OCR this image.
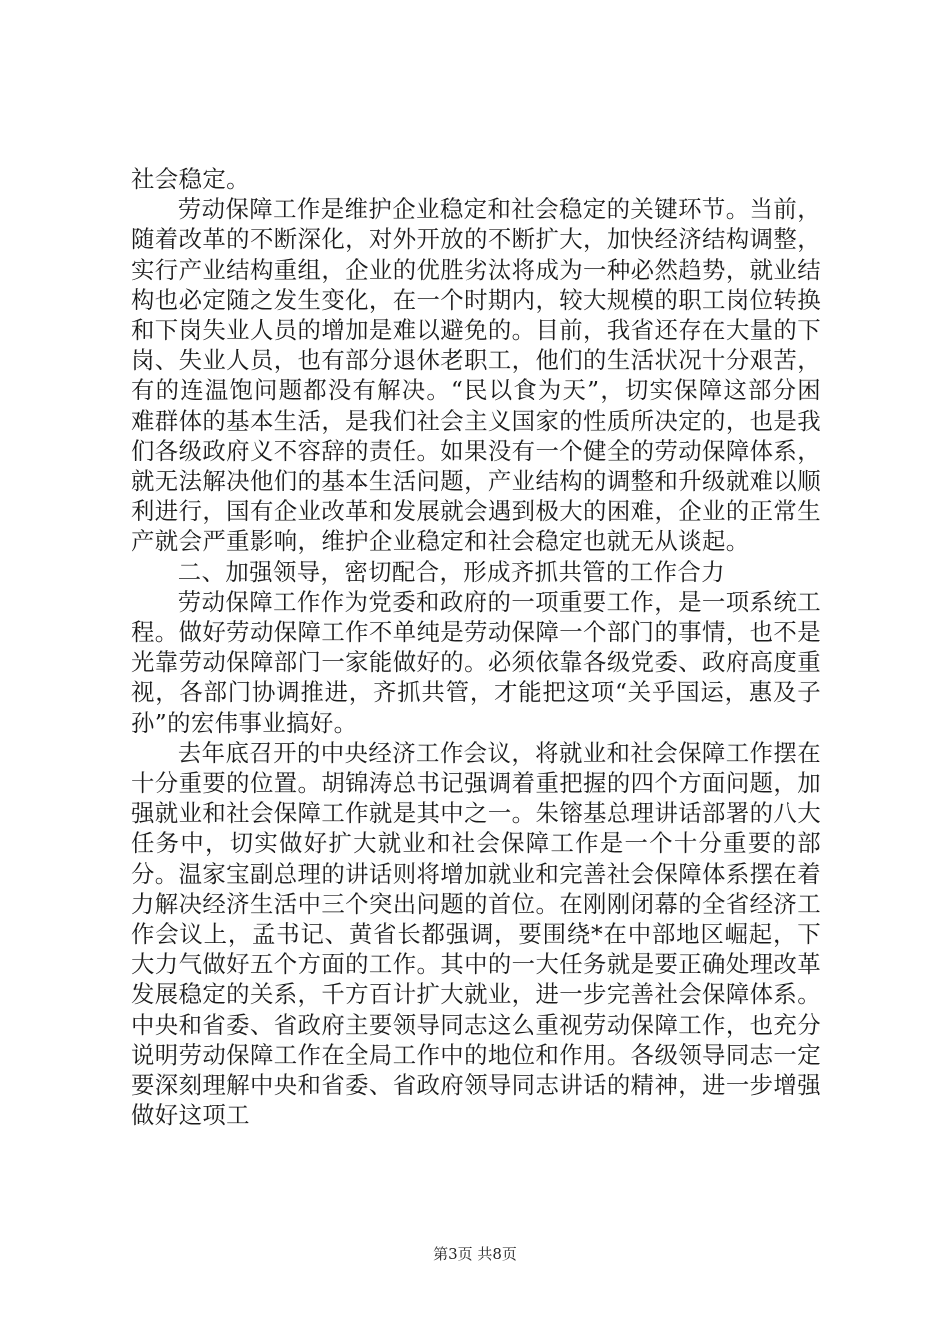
社会稳定。

劳动保障工作是维护企业稳定和社会稳定的关键环节。当前，随着改革的不断深化，对外开放的不断扩大，加快经济结构调整，实行产业结构重组，企业的优胜劣汰将成为一种必然趋势，就业结构也必定随之发生变化，在一个时期内，较大规模的职工岗位转换和下岗失业人员的增加是难以避免的。目前，我省还存在大量的下岗、失业人员，也有部分退休老职工，他们的生活状况十分艰苦，有的连温饱问题都没有解决。“民以食为天”，切实保障这部分困难群体的基本生活，是我们社会主义国家的性质所决定的，也是我们各级政府义不容辞的责任。如果没有一个健全的劳动保障体系，就无法解决他们的基本生活问题，产业结构的调整和升级就难以顺利进行，国有企业改革和发展就会遇到极大的困难，企业的正常生产就会严重影响，维护企业稳定和社会稳定也就无从谈起。

二、加强领导，密切配合，形成齐抓共管的工作合力

劳动保障工作作为党委和政府的一项重要工作，是一项系统工程。做好劳动保障工作不单纯是劳动保障一个部门的事情，也不是光靠劳动保障部门一家能做好的。必须依靠各级党委、政府高度重视，各部门协调推进，齐抓共管，才能把这项“关乎国运，惠及子孙”的宏伟事业搞好。

去年底召开的中央经济工作会议，将就业和社会保障工作摆在十分重要的位置。胡锦涛总书记强调着重把握的四个方面问题，加强就业和社会保障工作就是其中之一。朱镕基总理讲话部署的八大任务中，切实做好扩大就业和社会保障工作是一个十分重要的部分。温家宝副总理的讲话则将增加就业和完善社会保障体系摆在着力解决经济生活中三个突出问题的首位。在刚刚闭幕的全省经济工作会议上，孟书记、黄省长都强调，要围绕*在中部地区崛起，下大力气做好五个方面的工作。其中的一大任务就是要正确处理改革发展稳定的关系，千方百计扩大就业，进一步完善社会保障体系。中央和省委、省政府主要领导同志这么重视劳动保障工作，也充分说明劳动保障工作在全局工作中的地位和作用。各级领导同志一定要深刻理解中央和省委、省政府领导同志讲话的精神，进一步增强做好这项工

第3页 共8页
